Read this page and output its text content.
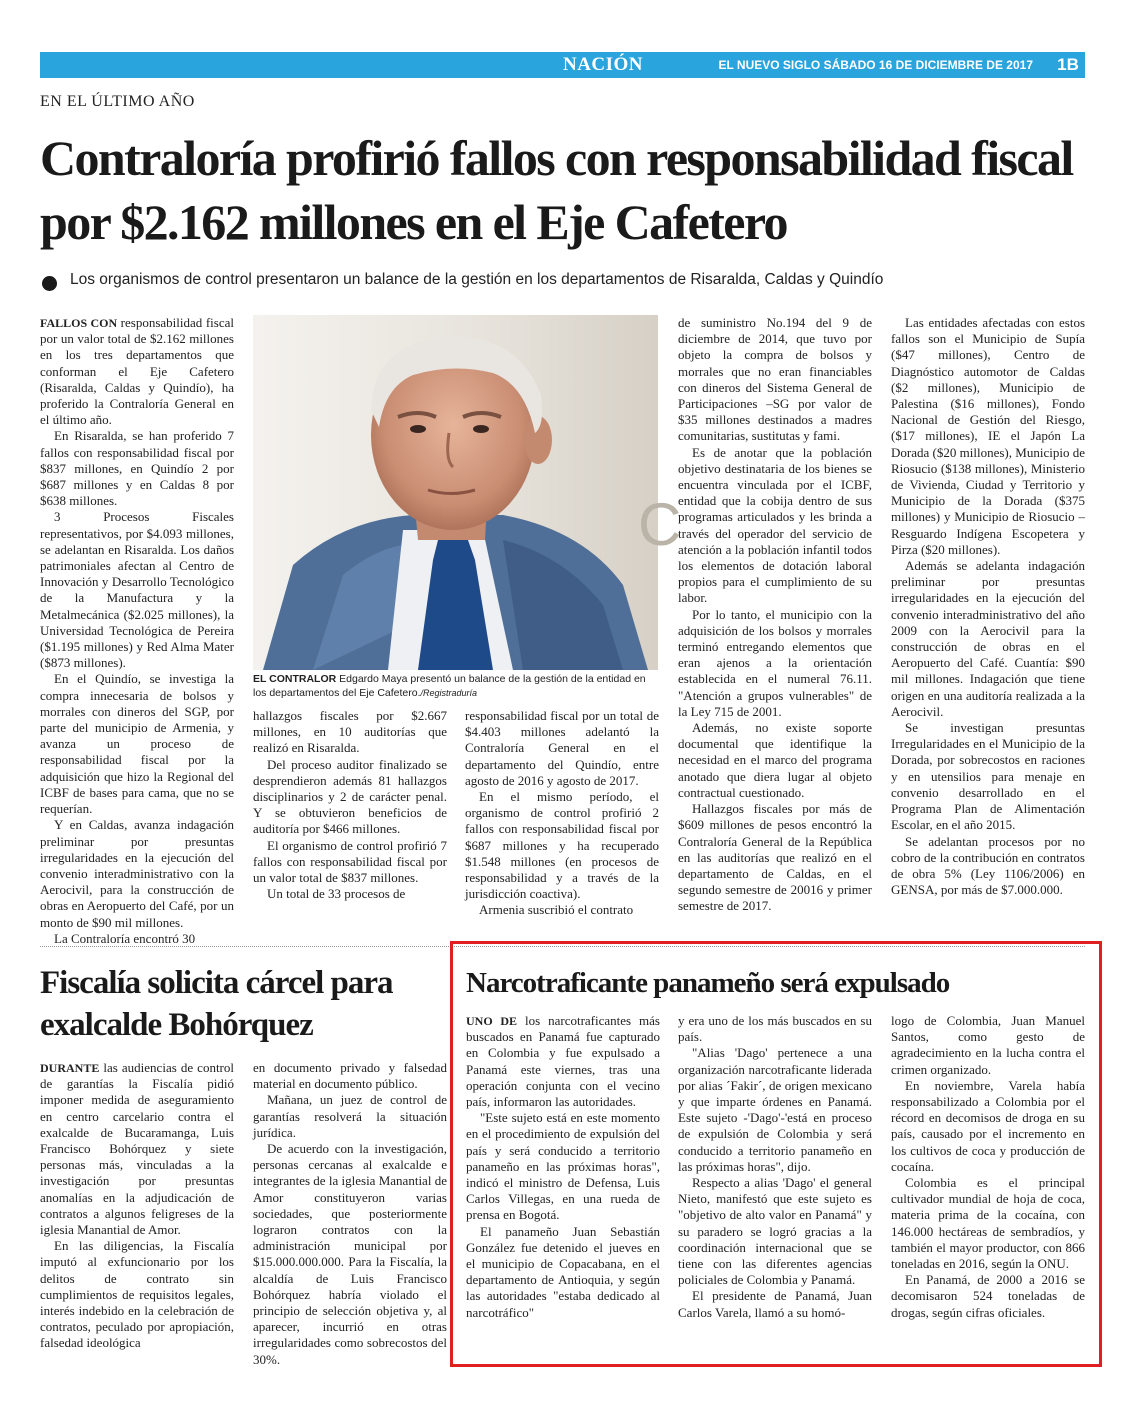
NACIÓN	EL NUEVO SIGLO SÁBADO 16 DE DICIEMBRE DE 2017	1B
EN EL ÚLTIMO AÑO
Contraloría profirió fallos con responsabilidad fiscal por $2.162 millones en el Eje Cafetero
Los organismos de control presentaron un balance de la gestión en los departamentos de Risaralda, Caldas y Quindío

FALLOS CON responsabilidad fiscal por un valor total de $2.162 millones en los tres departamentos que conforman el Eje Cafetero (Risaralda, Caldas y Quindío), ha proferido la Contraloría General en el último año.

En Risaralda, se han proferido 7 fallos con responsabilidad fiscal por $837 millones, en Quindío 2 por $687 millones y en Caldas 8 por $638 millones.

3 Procesos Fiscales representativos, por $4.093 millones, se adelantan en Risaralda. Los daños patrimoniales afectan al Centro de Innovación y Desarrollo Tecnológico de la Manufactura y la Metalmecánica ($2.025 millones), la Universidad Tecnológica de Pereira ($1.195 millones) y Red Alma Mater ($873 millones).

En el Quindío, se investiga la compra innecesaria de bolsos y morrales con dineros del SGP, por parte del municipio de Armenia, y avanza un proceso de responsabilidad fiscal por la adquisición que hizo la Regional del ICBF de bases para cama, que no se requerían.

Y en Caldas, avanza indagación preliminar por presuntas irregularidades en la ejecución del convenio interadministrativo con la Aerocivil, para la construcción de obras en Aeropuerto del Café, por un monto de $90 mil millones.

La Contraloría encontró 30

C
EL CONTRALOR Edgardo Maya presentó un balance de la gestión de la entidad en los departamentos del Eje Cafetero./Registraduría

hallazgos fiscales por $2.667 millones, en 10 auditorías que realizó en Risaralda.

Del proceso auditor finalizado se desprendieron además 81 hallazgos disciplinarios y 2 de carácter penal. Y se obtuvieron beneficios de auditoría por $466 millones.

El organismo de control profirió 7 fallos con responsabilidad fiscal por un valor total de $837 millones.

Un total de 33 procesos de

responsabilidad fiscal por un total de $4.403 millones adelantó la Contraloría General en el departamento del Quindío, entre agosto de 2016 y agosto de 2017.

En el mismo período, el organismo de control profirió 2 fallos con responsabilidad fiscal por $687 millones y ha recuperado $1.548 millones (en procesos de responsabilidad y a través de la jurisdicción coactiva).

Armenia suscribió el contrato

de suministro No.194 del 9 de diciembre de 2014, que tuvo por objeto la compra de bolsos y morrales que no eran financiables con dineros del Sistema General de Participaciones –SG por valor de $35 millones destinados a madres comunitarias, sustitutas y fami.

Es de anotar que la población objetivo destinataria de los bienes se encuentra vinculada por el ICBF, entidad que la cobija dentro de sus programas articulados y les brinda a través del operador del servicio de atención a la población infantil todos los elementos de dotación laboral propios para el cumplimiento de su labor.

Por lo tanto, el municipio con la adquisición de los bolsos y morrales terminó entregando elementos que eran ajenos a la orientación establecida en el numeral 76.11. "Atención a grupos vulnerables" de la Ley 715 de 2001.

Además, no existe soporte documental que identifique la necesidad en el marco del programa anotado que diera lugar al objeto contractual cuestionado.

Hallazgos fiscales por más de $609 millones de pesos encontró la Contraloría General de la República en las auditorías que realizó en el departamento de Caldas, en el segundo semestre de 20016 y primer semestre de 2017.

Las entidades afectadas con estos fallos son el Municipio de Supía ($47 millones), Centro de Diagnóstico automotor de Caldas ($2 millones), Municipio de Palestina ($16 millones), Fondo Nacional de Gestión del Riesgo, ($17 millones), IE el Japón La Dorada ($20 millones), Municipio de Riosucio ($138 millones), Ministerio de Vivienda, Ciudad y Territorio y Municipio de la Dorada ($375 millones) y Municipio de Riosucio –Resguardo Indígena Escopetera y Pirza ($20 millones).

Además se adelanta indagación preliminar por presuntas irregularidades en la ejecución del convenio interadministrativo del año 2009 con la Aerocivil para la construcción de obras en el Aeropuerto del Café. Cuantía: $90 mil millones. Indagación que tiene origen en una auditoría realizada a la Aerocivil.

Se investigan presuntas Irregularidades en el Municipio de la Dorada, por sobrecostos en raciones y en utensilios para menaje en convenio desarrollado en el Programa Plan de Alimentación Escolar, en el año 2015.

Se adelantan procesos por no cobro de la contribución en contratos de obra 5% (Ley 1106/2006) en GENSA, por más de $7.000.000.

Fiscalía solicita cárcel para exalcalde Bohórquez

DURANTE las audiencias de control de garantías la Fiscalía pidió imponer medida de aseguramiento en centro carcelario contra el exalcalde de Bucaramanga, Luis Francisco Bohórquez y siete personas más, vinculadas a la investigación por presuntas anomalías en la adjudicación de contratos a algunos feligreses de la iglesia Manantial de Amor.

En las diligencias, la Fiscalía imputó al exfuncionario por los delitos de contrato sin cumplimientos de requisitos legales, interés indebido en la celebración de contratos, peculado por apropiación, falsedad ideológica

en documento privado y falsedad material en documento público.

Mañana, un juez de control de garantías resolverá la situación jurídica.

De acuerdo con la investigación, personas cercanas al exalcalde e integrantes de la iglesia Manantial de Amor constituyeron varias sociedades, que posteriormente lograron contratos con la administración municipal por $15.000.000.000. Para la Fiscalía, la alcaldía de Luis Francisco Bohórquez habría violado el principio de selección objetiva y, al aparecer, incurrió en otras irregularidades como sobrecostos del 30%.

Narcotraficante panameño será expulsado

UNO DE los narcotraficantes más buscados en Panamá fue capturado en Colombia y fue expulsado a Panamá este viernes, tras una operación conjunta con el vecino país, informaron las autoridades.

"Este sujeto está en este momento en el procedimiento de expulsión del país y será conducido a territorio panameño en las próximas horas", indicó el ministro de Defensa, Luis Carlos Villegas, en una rueda de prensa en Bogotá.

El panameño Juan Sebastián González fue detenido el jueves en el municipio de Copacabana, en el departamento de Antioquia, y según las autoridades "estaba dedicado al narcotráfico"

y era uno de los más buscados en su país.

"Alias 'Dago' pertenece a una organización narcotraficante liderada por alias ´Fakir´, de origen mexicano y que imparte órdenes en Panamá. Este sujeto -'Dago'-'está en proceso de expulsión de Colombia y será conducido a territorio panameño en las próximas horas", dijo.

Respecto a alias 'Dago' el general Nieto, manifestó que este sujeto es "objetivo de alto valor en Panamá" y su paradero se logró gracias a la coordinación internacional que se tiene con las diferentes agencias policiales de Colombia y Panamá.

El presidente de Panamá, Juan Carlos Varela, llamó a su homó-

logo de Colombia, Juan Manuel Santos, como gesto de agradecimiento en la lucha contra el crimen organizado.

En noviembre, Varela había responsabilizado a Colombia por el récord en decomisos de droga en su país, causado por el incremento en los cultivos de coca y producción de cocaína.

Colombia es el principal cultivador mundial de hoja de coca, materia prima de la cocaína, con 146.000 hectáreas de sembradíos, y también el mayor productor, con 866 toneladas en 2016, según la ONU.

En Panamá, de 2000 a 2016 se decomisaron 524 toneladas de drogas, según cifras oficiales.
